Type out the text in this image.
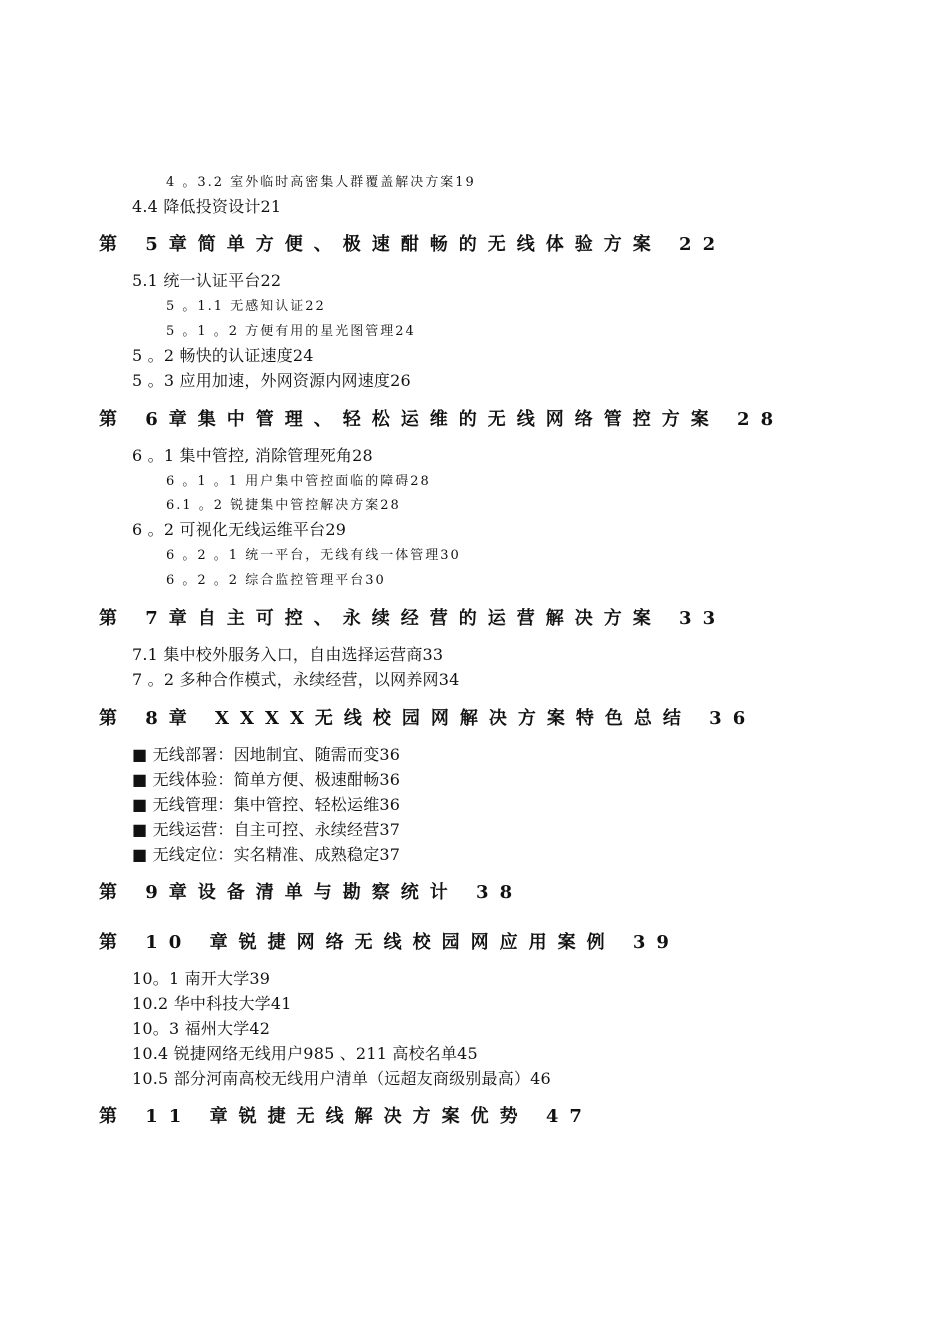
4 。3.2 室外临时高密集人群覆盖解决方案19
4.4 降低投资设计21
第 5章简单方便、极速酣畅的无线体验方案 22
5.1 统一认证平台22
5 。1.1 无感知认证22
5 。1 。2 方便有用的星光图管理24
5 。2 畅快的认证速度24
5 。3 应用加速，外网资源内网速度26
第 6章集中管理、轻松运维的无线网络管控方案 28
6 。1 集中管控, 消除管理死角28
6 。1 。1 用户集中管控面临的障碍28
6.1 。2 锐捷集中管控解决方案28
6 。2 可视化无线运维平台29
6 。2 。1 统一平台，无线有线一体管理30
6 。2 。2 综合监控管理平台30
第 7章自主可控、永续经营的运营解决方案 33
7.1 集中校外服务入口，自由选择运营商33
7 。2 多种合作模式，永续经营，以网养网34
第 8章 XXXX无线校园网解决方案特色总结 36
■ 无线部署：因地制宜、随需而变36
■ 无线体验：简单方便、极速酣畅36
■ 无线管理：集中管控、轻松运维36
■ 无线运营：自主可控、永续经营37
■ 无线定位：实名精准、成熟稳定37
第 9章设备清单与勘察统计 38
第 10 章锐捷网络无线校园网应用案例 39
10。1 南开大学39
10.2 华中科技大学41
10。3 福州大学42
10.4 锐捷网络无线用户985 、211 高校名单45
10.5 部分河南高校无线用户清单（远超友商级别最高）46
第 11 章锐捷无线解决方案优势 47
